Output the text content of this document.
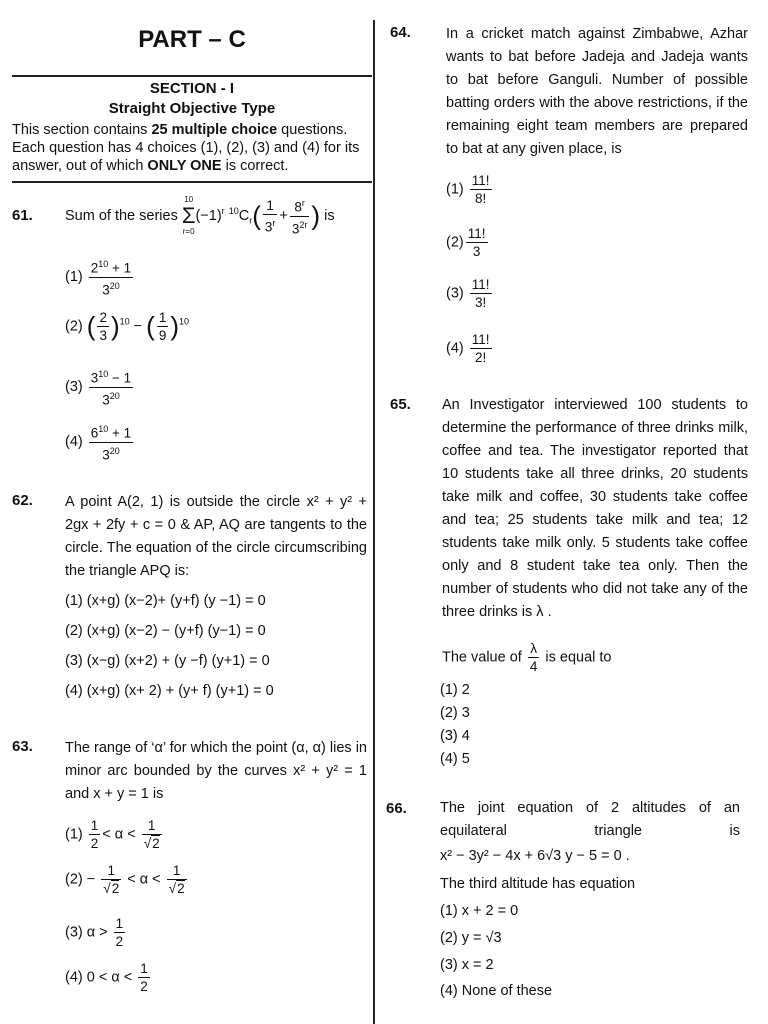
PART – C
SECTION - I
Straight Objective Type
This section contains 25 multiple choice questions. Each question has 4 choices (1), (2), (3) and (4) for its answer, out of which ONLY ONE is correct.
61. Sum of the series
10
Σ
r=0
$(-1)^r$ $^{10}C_r( \frac{1}{3^r} + \frac{8^r}{3^{2r}}$ ) is
$(1) \frac{2^{10} + 1}{3^{20}}$
(2) ( $\frac{2}{3} )^{10}$ − ( $\frac{1}{9} )^{10}$
$(3) \frac{3^{10} - 1}{3^{20}}$
$(4) \frac{6^{10} + 1}{3^{20}}$
62. A point A(2, 1) is outside the circle x² + y² + 2gx + 2fy + c = 0 & AP, AQ are tangents to the circle. The equation of the circle circumscribing the triangle APQ is:
(1) (x+g) (x−2)+ (y+f) (y −1) = 0
(2) (x+g) (x−2) − (y+f) (y−1) = 0
(3) (x−g) (x+2) + (y −f) (y+1) = 0
(4) (x+g) (x+ 2) + (y+ f) (y+1) = 0
63. The range of ‘α’ for which the point (α, α) lies in minor arc bounded by the curves x² + y² = 1 and x + y = 1 is
$(1) \frac{1}{2} < \alpha < \frac{1}{√2}$
$(2) - \frac{1}{√2} < \alpha < \frac{1}{√2}$
(3) $\alpha > \frac{1}{2}$
(4) $0 < \alpha < \frac{1}{2}$
64. In a cricket match against Zimbabwe, Azhar wants to bat before Jadeja and Jadeja wants to bat before Ganguli. Number of possible batting orders with the above restrictions, if the remaining eight team members are prepared to bat at any given place, is
$(1) \frac{11!}{8!}$
$(2) \frac{11!}{3}$
$(3) \frac{11!}{3!}$
$(4) \frac{11!}{2!}$
65. An Investigator interviewed 100 students to determine the performance of three drinks milk, coffee and tea. The investigator reported that 10 students take all three drinks, 20 students take milk and coffee, 30 students take coffee and tea; 25 students take milk and tea; 12 students take milk only. 5 students take coffee only and 8 student take tea only. Then the number of students who did not take any of the three drinks is λ .
The value of $\frac{\lambda}{4}$ is equal to
(1) 2
(2) 3
(3) 4
(4) 5
66. The joint equation of 2 altitudes of an equilateral triangle is
x² − 3y² − 4x + 6√3 y − 5 = 0 .
The third altitude has equation
(1) x + 2 = 0
(2) y = √3
(3) x = 2
(4) None of these
